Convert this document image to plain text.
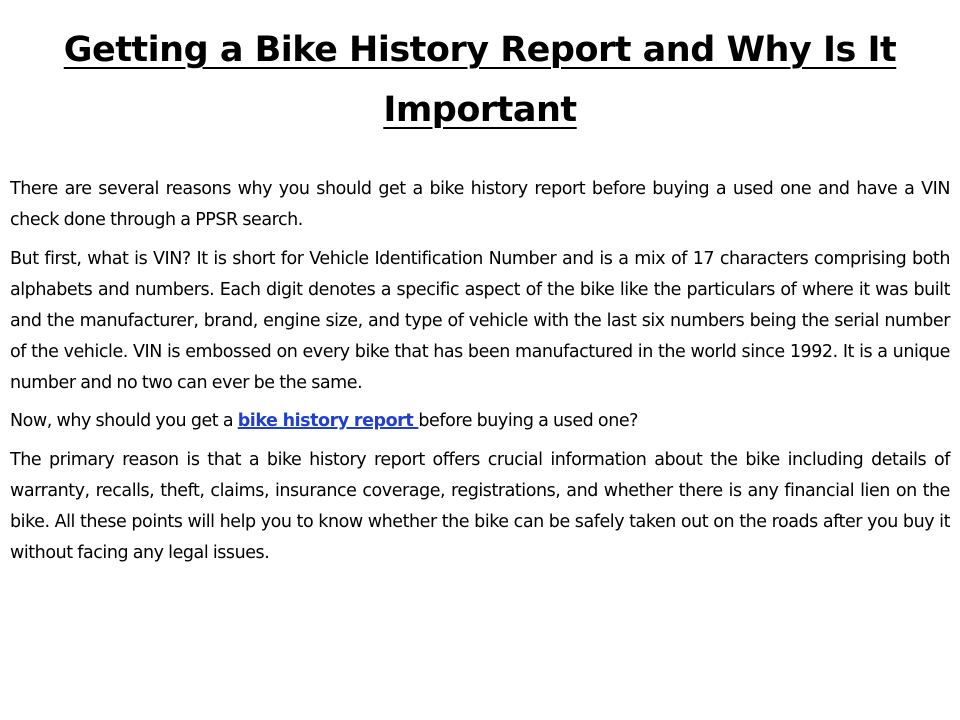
Getting a Bike History Report and Why Is It Important

There are several reasons why you should get a bike history report before buying a used one and have a VIN check done through a PPSR search.

But first, what is VIN? It is short for Vehicle Identification Number and is a mix of 17 characters comprising both alphabets and numbers. Each digit denotes a specific aspect of the bike like the particulars of where it was built and the manufacturer, brand, engine size, and type of vehicle with the last six numbers being the serial number of the vehicle. VIN is embossed on every bike that has been manufactured in the world since 1992. It is a unique number and no two can ever be the same.

Now, why should you get a bike history report before buying a used one?

The primary reason is that a bike history report offers crucial information about the bike including details of warranty, recalls, theft, claims, insurance coverage, registrations, and whether there is any financial lien on the bike. All these points will help you to know whether the bike can be safely taken out on the roads after you buy it without facing any legal issues.
